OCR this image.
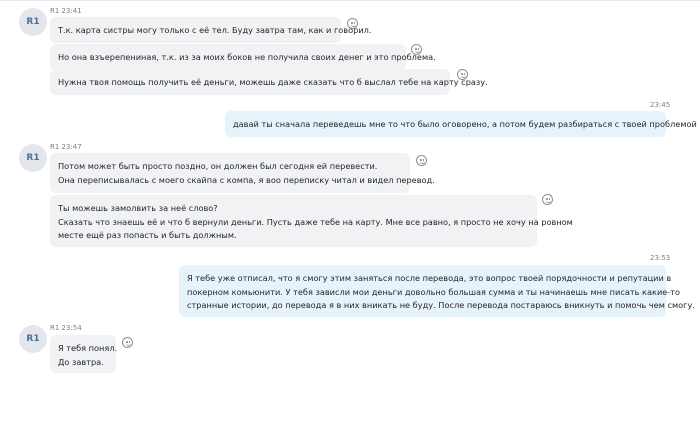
R1
R1 23:41
Т.к. карта систры могу только с её тел. Буду завтра там, как и говорил.
Но она взъерепениная, т.к. из за моих боков не получила своих денег и это проблема.
Нужна твоя помощь получить её деньги, можешь даже сказать что б выслал тебе на карту сразу.
23:45
давай ты сначала переведешь мне то что было оговорено, а потом будем разбираться с твоей проблемой
R1
R1 23:47
Потом может быть просто поздно, он должен был сегодня ей перевести.
Она переписывалась с моего скайпа с компа, я воо переписку читал и видел перевод.
Ты можешь замолвить за неё слово?
Сказать что знаешь её и что б вернули деньги. Пусть даже тебе на карту. Мне все равно, я просто не хочу на ровном
месте ещё раз попасть и быть должным.
23:53
Я тебе уже отписал, что я смогу этим заняться после перевода, это вопрос твоей порядочности и репутации в
покерном комьюнити. У тебя зависли мои деньги довольно большая сумма и ты начинаешь мне писать какие-то
странные истории, до перевода я в них вникать не буду. После перевода постараюсь вникнуть и помочь чем смогу.
R1
R1 23:54
Я тебя понял.
До завтра.
